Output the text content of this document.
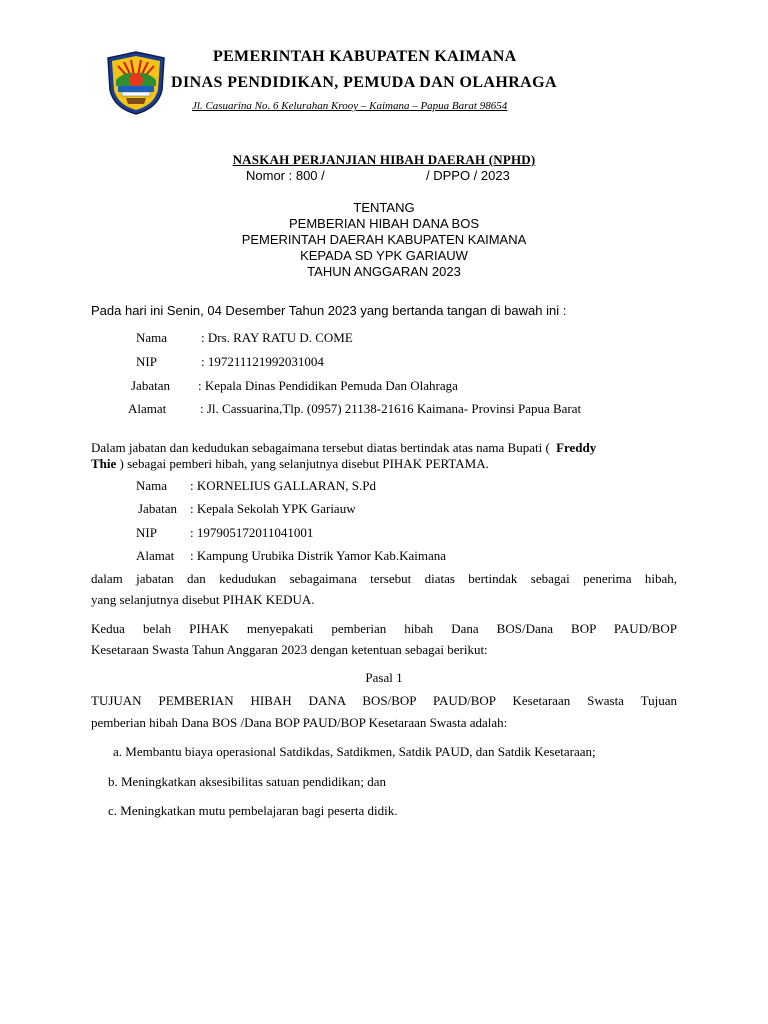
PEMERINTAH KABUPATEN KAIMANA
DINAS PENDIDIKAN, PEMUDA DAN OLAHRAGA
Jl. Casuarina No. 6 Kelurahan Krooy – Kaimana – Papua Barat 98654
NASKAH PERJANJIAN HIBAH DAERAH (NPHD)
Nomor : 800 /	/ DPPO / 2023
TENTANG
PEMBERIAN HIBAH DANA BOS
PEMERINTAH DAERAH KABUPATEN KAIMANA
KEPADA SD YPK GARIAUW
TAHUN ANGGARAN 2023
Pada hari ini Senin, 04 Desember Tahun 2023 yang bertanda tangan di bawah ini :
Nama	: Drs. RAY RATU D. COME
NIP	: 197211121992031004
Jabatan : Kepala Dinas Pendidikan Pemuda Dan Olahraga
Alamat	: Jl. Cassuarina,Tlp. (0957) 21138-21616 Kaimana- Provinsi Papua Barat
Dalam jabatan dan kedudukan sebagaimana tersebut diatas bertindak atas nama Bupati ( Freddy
Thie ) sebagai pemberi hibah, yang selanjutnya disebut PIHAK PERTAMA.
Nama : KORNELIUS GALLARAN, S.Pd
Jabatan : Kepala Sekolah YPK Gariauw
NIP	: 197905172011041001
Alamat : Kampung Urubika Distrik Yamor Kab.Kaimana
dalam jabatan dan kedudukan sebagaimana tersebut diatas bertindak sebagai penerima hibah,
yang selanjutnya disebut PIHAK KEDUA.
Kedua belah PIHAK menyepakati pemberian hibah Dana BOS/Dana BOP PAUD/BOP
Kesetaraan Swasta Tahun Anggaran 2023 dengan ketentuan sebagai berikut:
Pasal 1
TUJUAN PEMBERIAN HIBAH DANA BOS/BOP PAUD/BOP Kesetaraan Swasta Tujuan
pemberian hibah Dana BOS /Dana BOP PAUD/BOP Kesetaraan Swasta adalah:
a. Membantu biaya operasional Satdikdas, Satdikmen, Satdik PAUD, dan Satdik Kesetaraan;
b. Meningkatkan aksesibilitas satuan pendidikan; dan
c. Meningkatkan mutu pembelajaran bagi peserta didik.
